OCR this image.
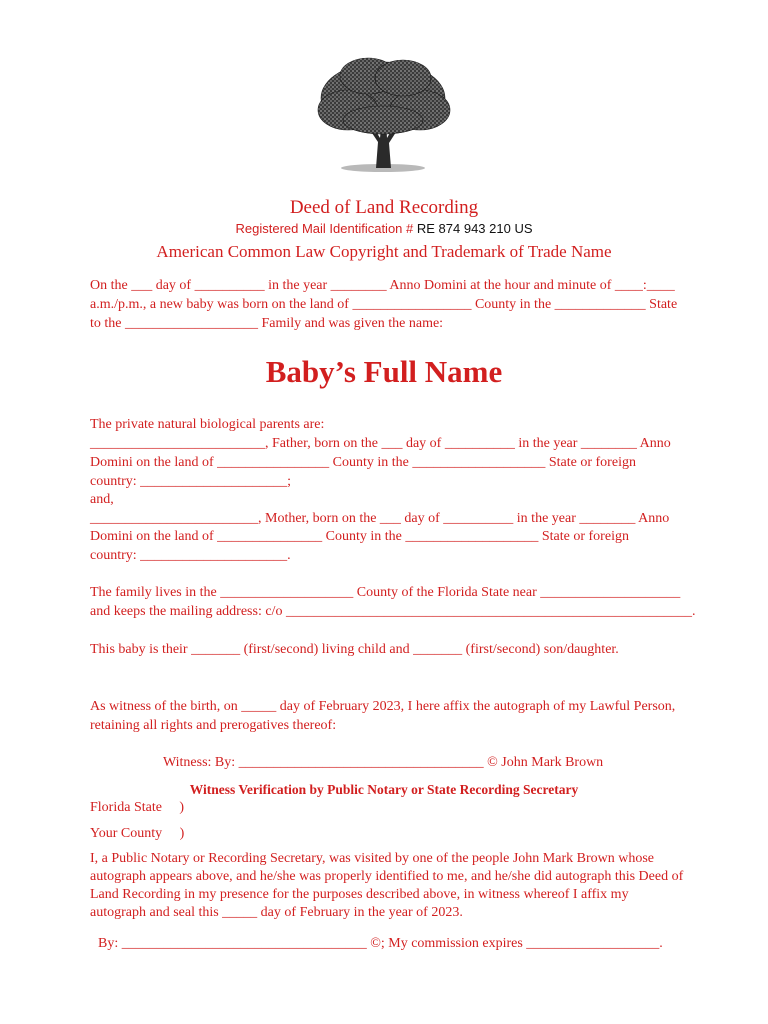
Deed of Land Recording
Registered Mail Identification # RE 874 943 210 US
American Common Law Copyright and Trademark of Trade Name
On the ___ day of __________ in the year ________ Anno Domini at the hour and minute of ____:____
a.m./p.m., a new baby was born on the land of _________________ County in the _____________ State
to the ___________________ Family and was given the name:
Baby’s Full Name
The private natural biological parents are:
_________________________, Father, born on the ___ day of __________ in the year ________ Anno
Domini on the land of ________________ County in the ___________________ State or foreign
country: _____________________;
and,
________________________, Mother, born on the ___ day of __________ in the year ________ Anno
Domini on the land of _______________ County in the ___________________ State or foreign
country: _____________________.
The family lives in the ___________________ County of the Florida State near ____________________
and keeps the mailing address: c/o __________________________________________________________.
This baby is their _______ (first/second) living child and _______ (first/second) son/daughter.
As witness of the birth, on _____ day of February 2023, I here affix the autograph of my Lawful Person,
retaining all rights and prerogatives thereof:
Witness: By: ___________________________________ © John Mark Brown
Witness Verification by Public Notary or State Recording Secretary
Florida State     )
Your County     )
I, a Public Notary or Recording Secretary, was visited by one of the people John Mark Brown whose
autograph appears above, and he/she was properly identified to me, and he/she did autograph this Deed of
Land Recording in my presence for the purposes described above, in witness whereof I affix my
autograph and seal this _____ day of February in the year of 2023.
By: ___________________________________ ©; My commission expires ___________________.
